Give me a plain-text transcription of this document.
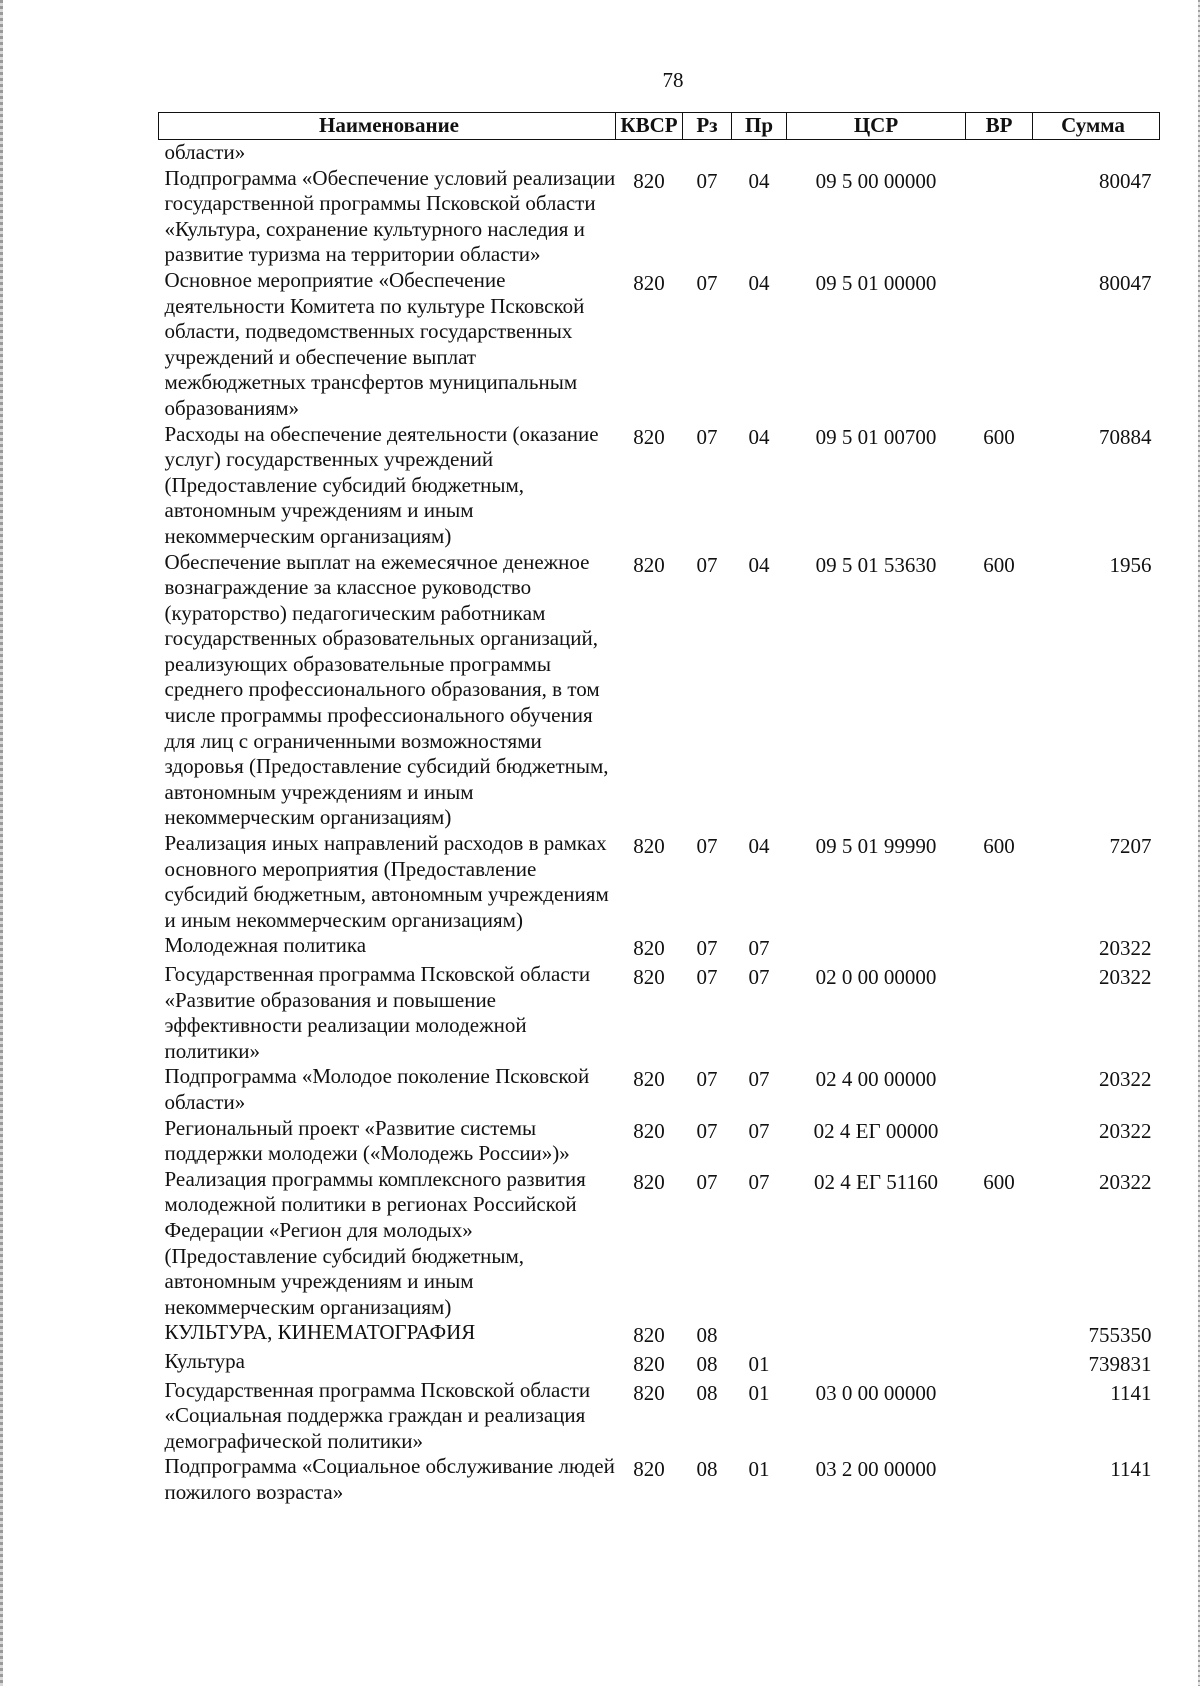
78
Наименование	КВСР	Рз	Пр	ЦСР	ВР	Сумма
области»						
Подпрограмма «Обеспечение условий реализации государственной программы Псковской области «Культура, сохранение культурного наследия и развитие туризма на территории области»	820	07	04	09 5 00 00000		80047
Основное мероприятие «Обеспечение деятельности Комитета по культуре Псковской области, подведомственных государственных учреждений и обеспечение выплат межбюджетных трансфертов муниципальным образованиям»	820	07	04	09 5 01 00000		80047
Расходы на обеспечение деятельности (оказание услуг) государственных учреждений (Предоставление субсидий бюджетным, автономным учреждениям и иным некоммерческим организациям)	820	07	04	09 5 01 00700	600	70884
Обеспечение выплат на ежемесячное денежное вознаграждение за классное руководство (кураторство) педагогическим работникам государственных образовательных организаций, реализующих образовательные программы среднего профессионального образования, в том числе программы профессионального обучения для лиц с ограниченными возможностями здоровья (Предоставление субсидий бюджетным, автономным учреждениям и иным некоммерческим организациям)	820	07	04	09 5 01 53630	600	1956
Реализация иных направлений расходов в рамках основного мероприятия (Предоставление субсидий бюджетным, автономным учреждениям и иным некоммерческим организациям)	820	07	04	09 5 01 99990	600	7207
Молодежная политика	820	07	07			20322
Государственная программа Псковской области «Развитие образования и повышение эффективности реализации молодежной политики»	820	07	07	02 0 00 00000		20322
Подпрограмма «Молодое поколение Псковской области»	820	07	07	02 4 00 00000		20322
Региональный проект «Развитие системы поддержки молодежи («Молодежь России»)»	820	07	07	02 4 ЕГ 00000		20322
Реализация программы комплексного развития молодежной политики в регионах Российской Федерации «Регион для молодых» (Предоставление субсидий бюджетным, автономным учреждениям и иным некоммерческим организациям)	820	07	07	02 4 ЕГ 51160	600	20322
КУЛЬТУРА, КИНЕМАТОГРАФИЯ	820	08				755350
Культура	820	08	01			739831
Государственная программа Псковской области «Социальная поддержка граждан и реализация демографической политики»	820	08	01	03 0 00 00000		1141
Подпрограмма «Социальное обслуживание людей пожилого возраста»	820	08	01	03 2 00 00000		1141
